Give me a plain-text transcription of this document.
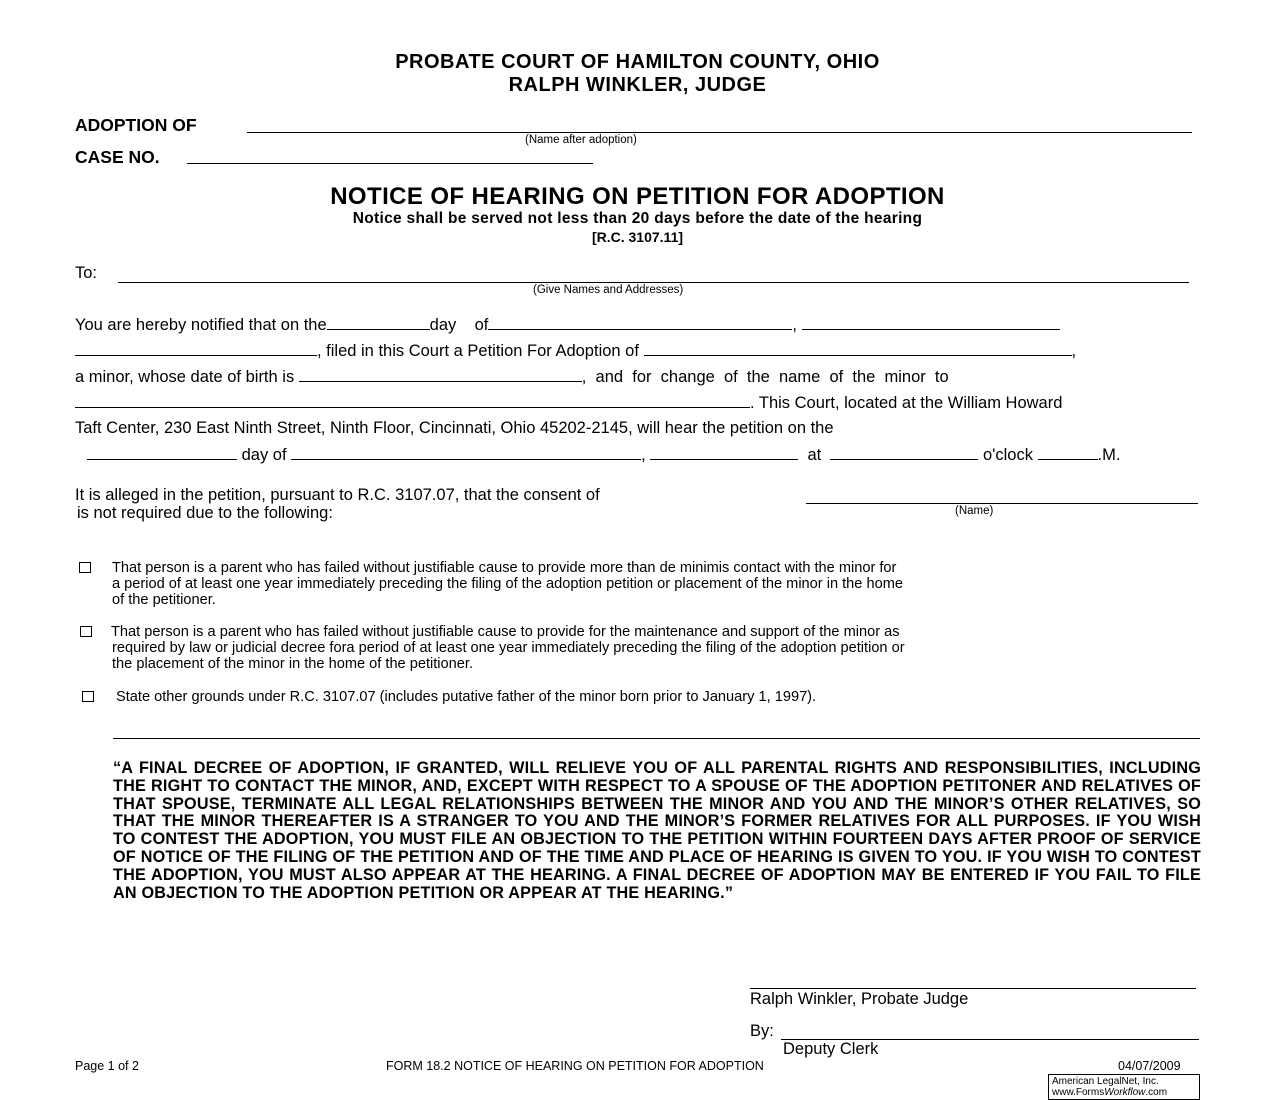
PROBATE COURT OF HAMILTON COUNTY, OHIO
RALPH WINKLER, JUDGE
ADOPTION OF
(Name after adoption)
CASE NO.
NOTICE OF HEARING ON PETITION FOR ADOPTION
Notice shall be served not less than 20 days before the date of the hearing
[R.C. 3107.11]
To:
(Give Names and Addresses)
You are hereby notified that on the	day of	,
, filed in this Court a Petition For Adoption of	,
a minor, whose date of birth is	,  and  for  change  of  the  name  of  the  minor  to
. This Court, located at the William Howard
Taft Center, 230 East Ninth Street, Ninth Floor, Cincinnati, Ohio 45202-2145, will hear the petition on the
day of	,	at	o'clock	.M.
It is alleged in the petition, pursuant to R.C. 3107.07, that the consent of
is not required due to the following:	(Name)
That person is a parent who has failed without justifiable cause to provide more than de minimis contact with the minor for
a period of at least one year immediately preceding the filing of the adoption petition or placement of the minor in the home
of the petitioner.
That person is a parent who has failed without justifiable cause to provide for the maintenance and support of the minor as
required by law or judicial decree fora period of at least one year immediately preceding the filing of the adoption petition or
the placement of the minor in the home of the petitioner.
State other grounds under R.C. 3107.07 (includes putative father of the minor born prior to January 1, 1997).
“A FINAL DECREE OF ADOPTION, IF GRANTED, WILL RELIEVE YOU OF ALL PARENTAL RIGHTS AND RESPONSIBILITIES, INCLUDING THE RIGHT TO CONTACT THE MINOR, AND, EXCEPT WITH RESPECT TO A SPOUSE OF THE ADOPTION PETITONER AND RELATIVES OF THAT SPOUSE, TERMINATE ALL LEGAL RELATIONSHIPS BETWEEN THE MINOR AND YOU AND THE MINOR’S OTHER RELATIVES, SO THAT THE MINOR THEREAFTER IS A STRANGER TO YOU AND THE MINOR’S FORMER RELATIVES FOR ALL PURPOSES. IF YOU WISH TO CONTEST THE ADOPTION, YOU MUST FILE AN OBJECTION TO THE PETITION WITHIN FOURTEEN DAYS AFTER PROOF OF SERVICE OF NOTICE OF THE FILING OF THE PETITION AND OF THE TIME AND PLACE OF HEARING IS GIVEN TO YOU. IF YOU WISH TO CONTEST THE ADOPTION, YOU MUST ALSO APPEAR AT THE HEARING. A FINAL DECREE OF ADOPTION MAY BE ENTERED IF YOU FAIL TO FILE AN OBJECTION TO THE ADOPTION PETITION OR APPEAR AT THE HEARING.”
Ralph Winkler, Probate Judge
By:
Deputy Clerk
Page 1 of 2	FORM 18.2 NOTICE OF HEARING ON PETITION FOR ADOPTION	04/07/2009
American LegalNet, Inc.
www.FormsWorkflow.com
